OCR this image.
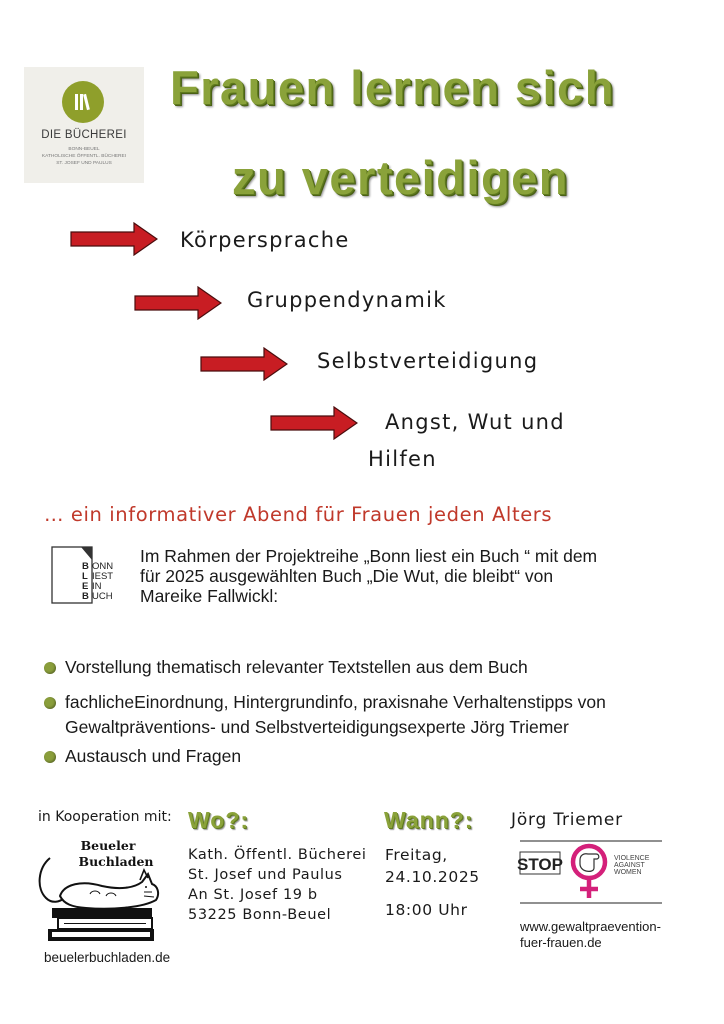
DIE BÜCHEREI
BONN-BEUEL
KATHOLISCHE ÖFFENTL. BÜCHEREI
ST. JOSEF UND PAULUS
Frauen lernen sich
zu verteidigen
Körpersprache
Gruppendynamik
Selbstverteidigung
Angst, Wut und
Hilfen
… ein informativer Abend für Frauen jeden Alters
B
L
E
B
ONN
IEST
IN
UCH
Im Rahmen der Projektreihe „Bonn liest ein Buch “ mit dem
für 2025 ausgewählten Buch „Die Wut, die bleibt“ von
Mareike Fallwickl:
Vorstellung thematisch relevanter Textstellen aus dem Buch
fachlicheEinordnung, Hintergrundinfo, praxisnahe Verhaltenstipps von
Gewaltpräventions- und Selbstverteidigungsexperte Jörg Triemer
Austausch und Fragen
in Kooperation mit:
Beueler
Buchladen
beuelerbuchladen.de
Wo?:
Kath. Öffentl. Bücherei
St. Josef und Paulus
An St. Josef 19 b
53225 Bonn-Beuel
Wann?:
Freitag,
24.10.2025
18:00 Uhr
Jörg Triemer
STOP	VIOLENCE
AGAINST
WOMEN
www.gewaltpraevention-
fuer-frauen.de
